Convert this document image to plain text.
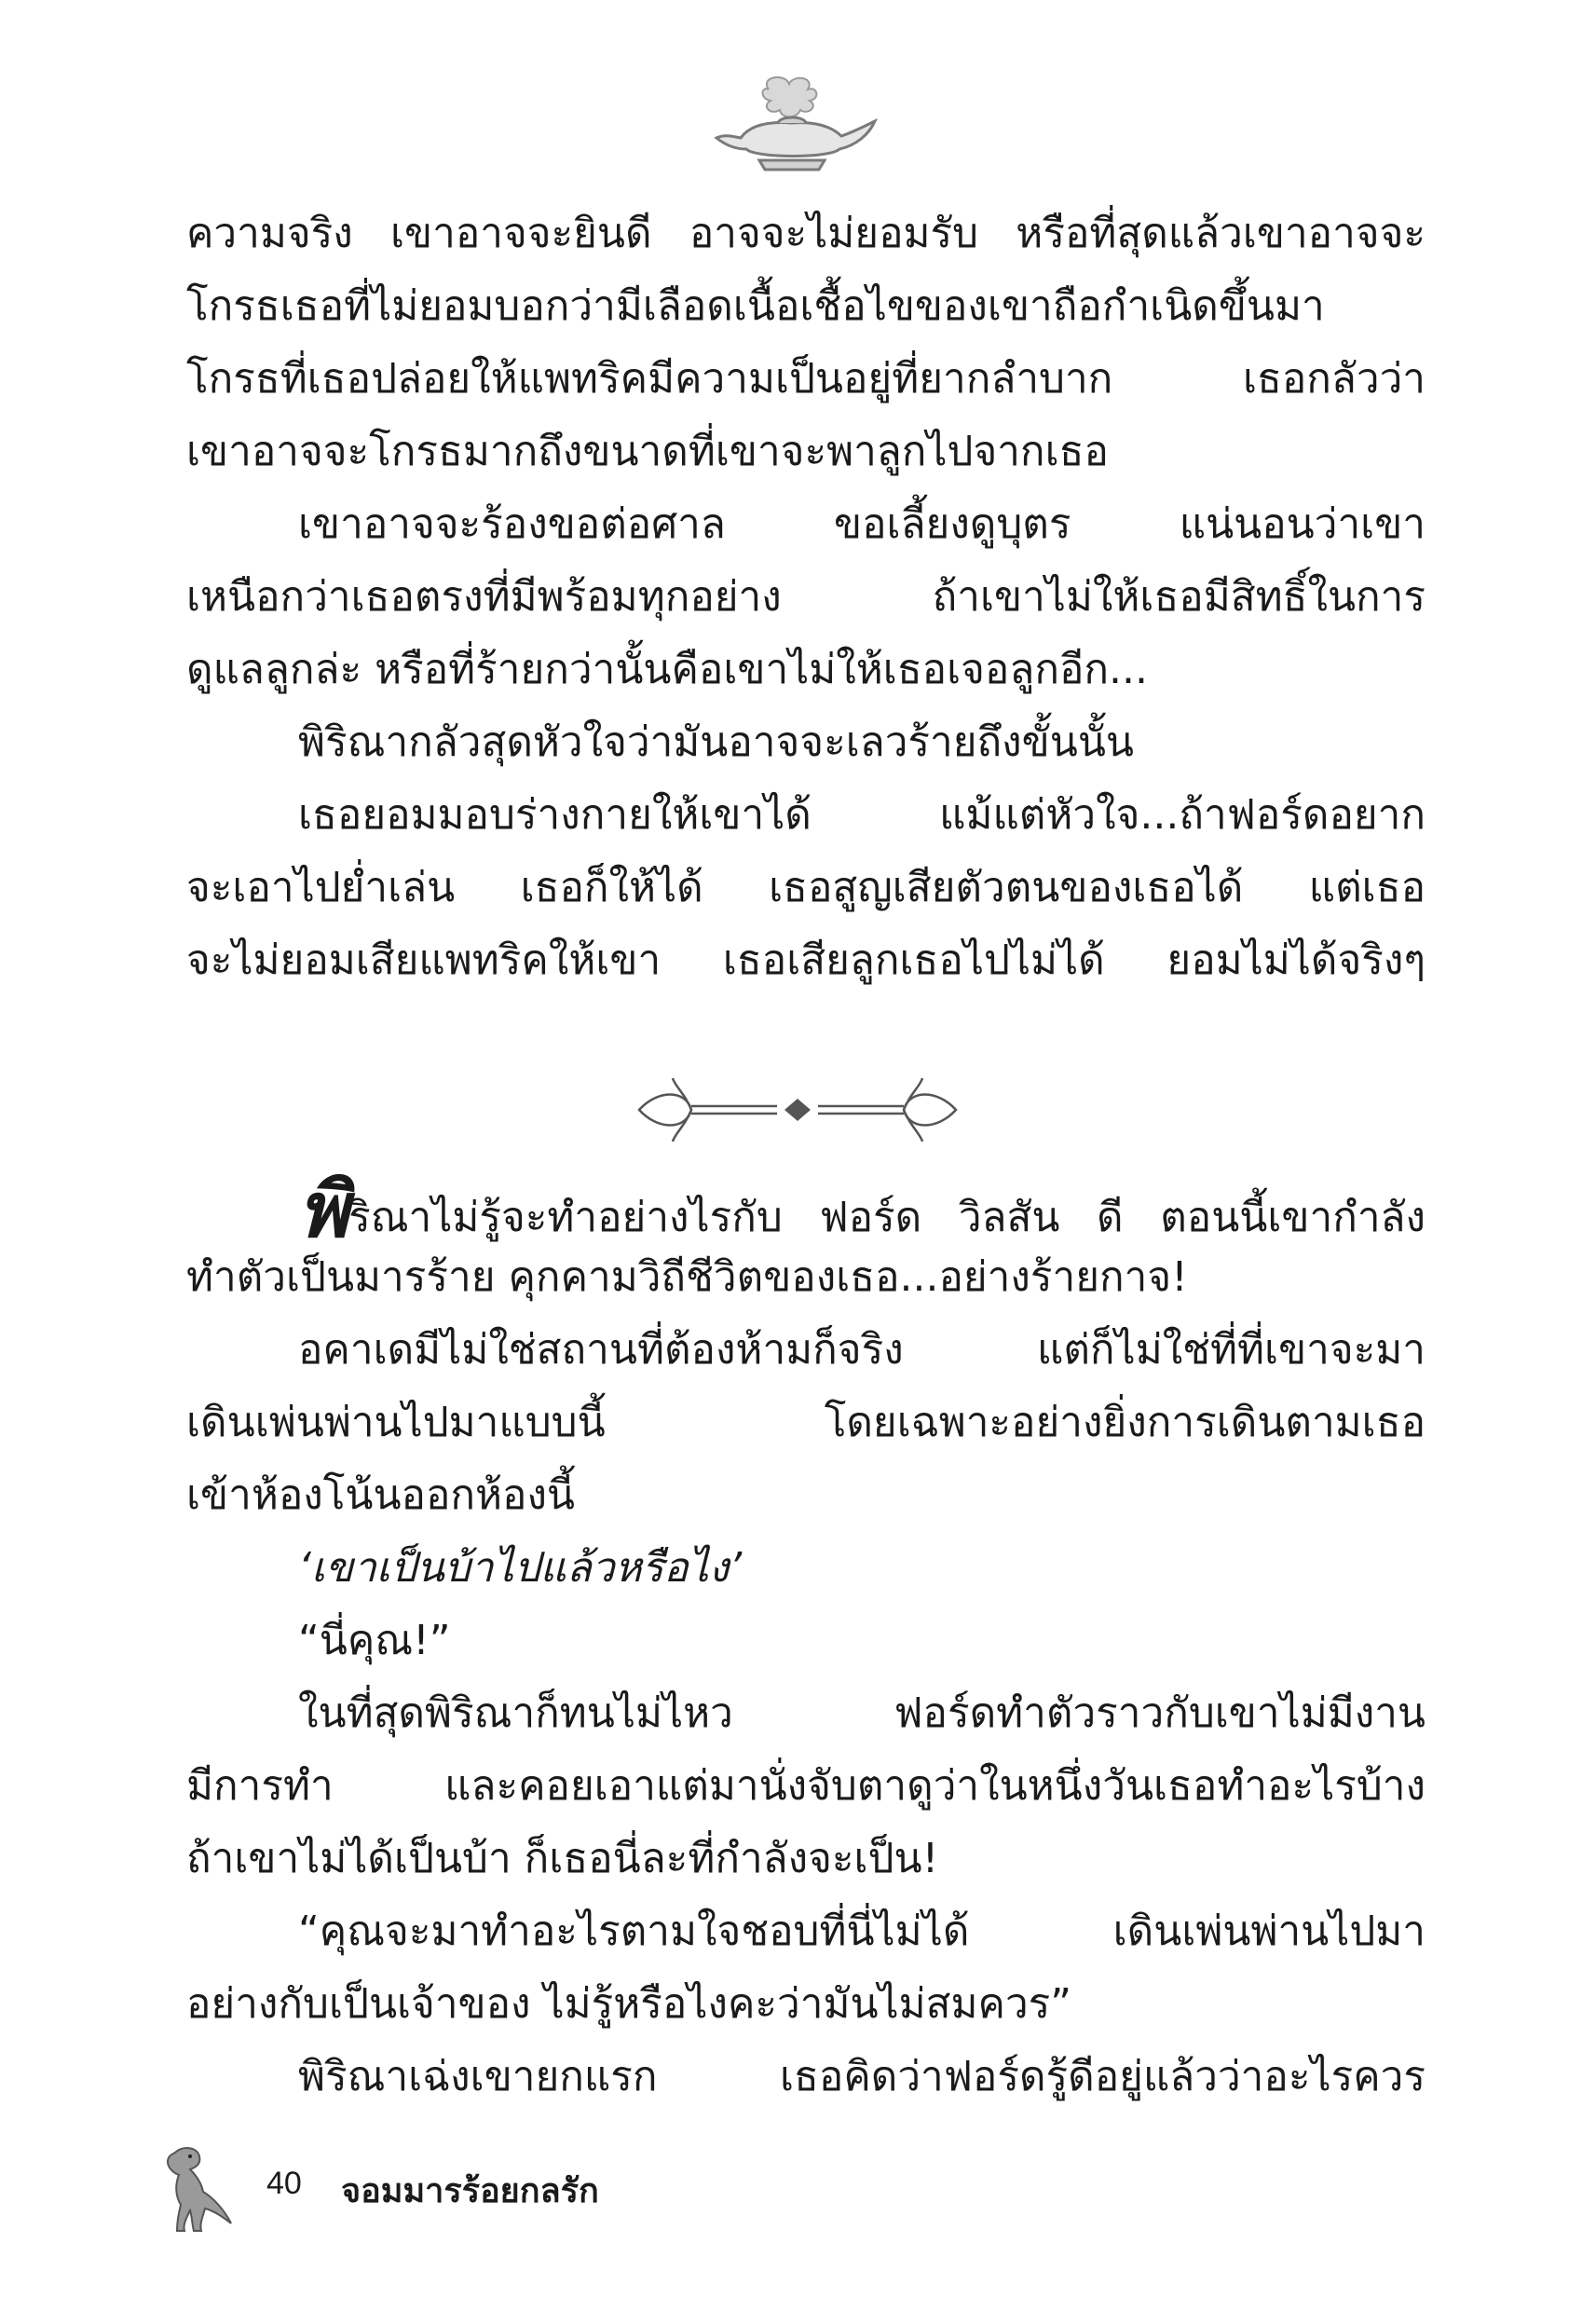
ความจริง เขาอาจจะยินดี อาจจะไม่ยอมรับ หรือที่สุดแล้วเขาอาจจะ
โกรธเธอที่ไม่ยอมบอกว่ามีเลือดเนื้อเชื้อไขของเขาถือกำเนิดขึ้นมา
โกรธที่เธอปล่อยให้แพทริคมีความเป็นอยู่ที่ยากลำบาก เธอกลัวว่า
เขาอาจจะโกรธมากถึงขนาดที่เขาจะพาลูกไปจากเธอ
เขาอาจจะร้องขอต่อศาล ขอเลี้ยงดูบุตร แน่นอนว่าเขา
เหนือกว่าเธอตรงที่มีพร้อมทุกอย่าง ถ้าเขาไม่ให้เธอมีสิทธิ์ในการ
ดูแลลูกล่ะ หรือที่ร้ายกว่านั้นคือเขาไม่ให้เธอเจอลูกอีก...
พิริณากลัวสุดหัวใจว่ามันอาจจะเลวร้ายถึงขั้นนั้น
เธอยอมมอบร่างกายให้เขาได้ แม้แต่หัวใจ...ถ้าฟอร์ดอยาก
จะเอาไปย่ำเล่น เธอก็ให้ได้ เธอสูญเสียตัวตนของเธอได้ แต่เธอ
จะไม่ยอมเสียแพทริคให้เขา เธอเสียลูกเธอไปไม่ได้ ยอมไม่ได้จริงๆ
พิริณาไม่รู้จะทำอย่างไรกับ ฟอร์ด วิลสัน ดี ตอนนี้เขากำลัง
ทำตัวเป็นมารร้าย คุกคามวิถีชีวิตของเธอ...อย่างร้ายกาจ!
อคาเดมีไม่ใช่สถานที่ต้องห้ามก็จริง แต่ก็ไม่ใช่ที่ที่เขาจะมา
เดินเพ่นพ่านไปมาแบบนี้ โดยเฉพาะอย่างยิ่งการเดินตามเธอ
เข้าห้องโน้นออกห้องนี้
‘เขาเป็นบ้าไปแล้วหรือไง’
“นี่คุณ!”
ในที่สุดพิริณาก็ทนไม่ไหว ฟอร์ดทำตัวราวกับเขาไม่มีงาน
มีการทำ และคอยเอาแต่มานั่งจับตาดูว่าในหนึ่งวันเธอทำอะไรบ้าง
ถ้าเขาไม่ได้เป็นบ้า ก็เธอนี่ละที่กำลังจะเป็น!
“คุณจะมาทำอะไรตามใจชอบที่นี่ไม่ได้ เดินเพ่นพ่านไปมา
อย่างกับเป็นเจ้าของ ไม่รู้หรือไงคะว่ามันไม่สมควร”
พิริณาเฉ่งเขายกแรก เธอคิดว่าฟอร์ดรู้ดีอยู่แล้วว่าอะไรควร
40 จอมมารร้อยกลรัก
